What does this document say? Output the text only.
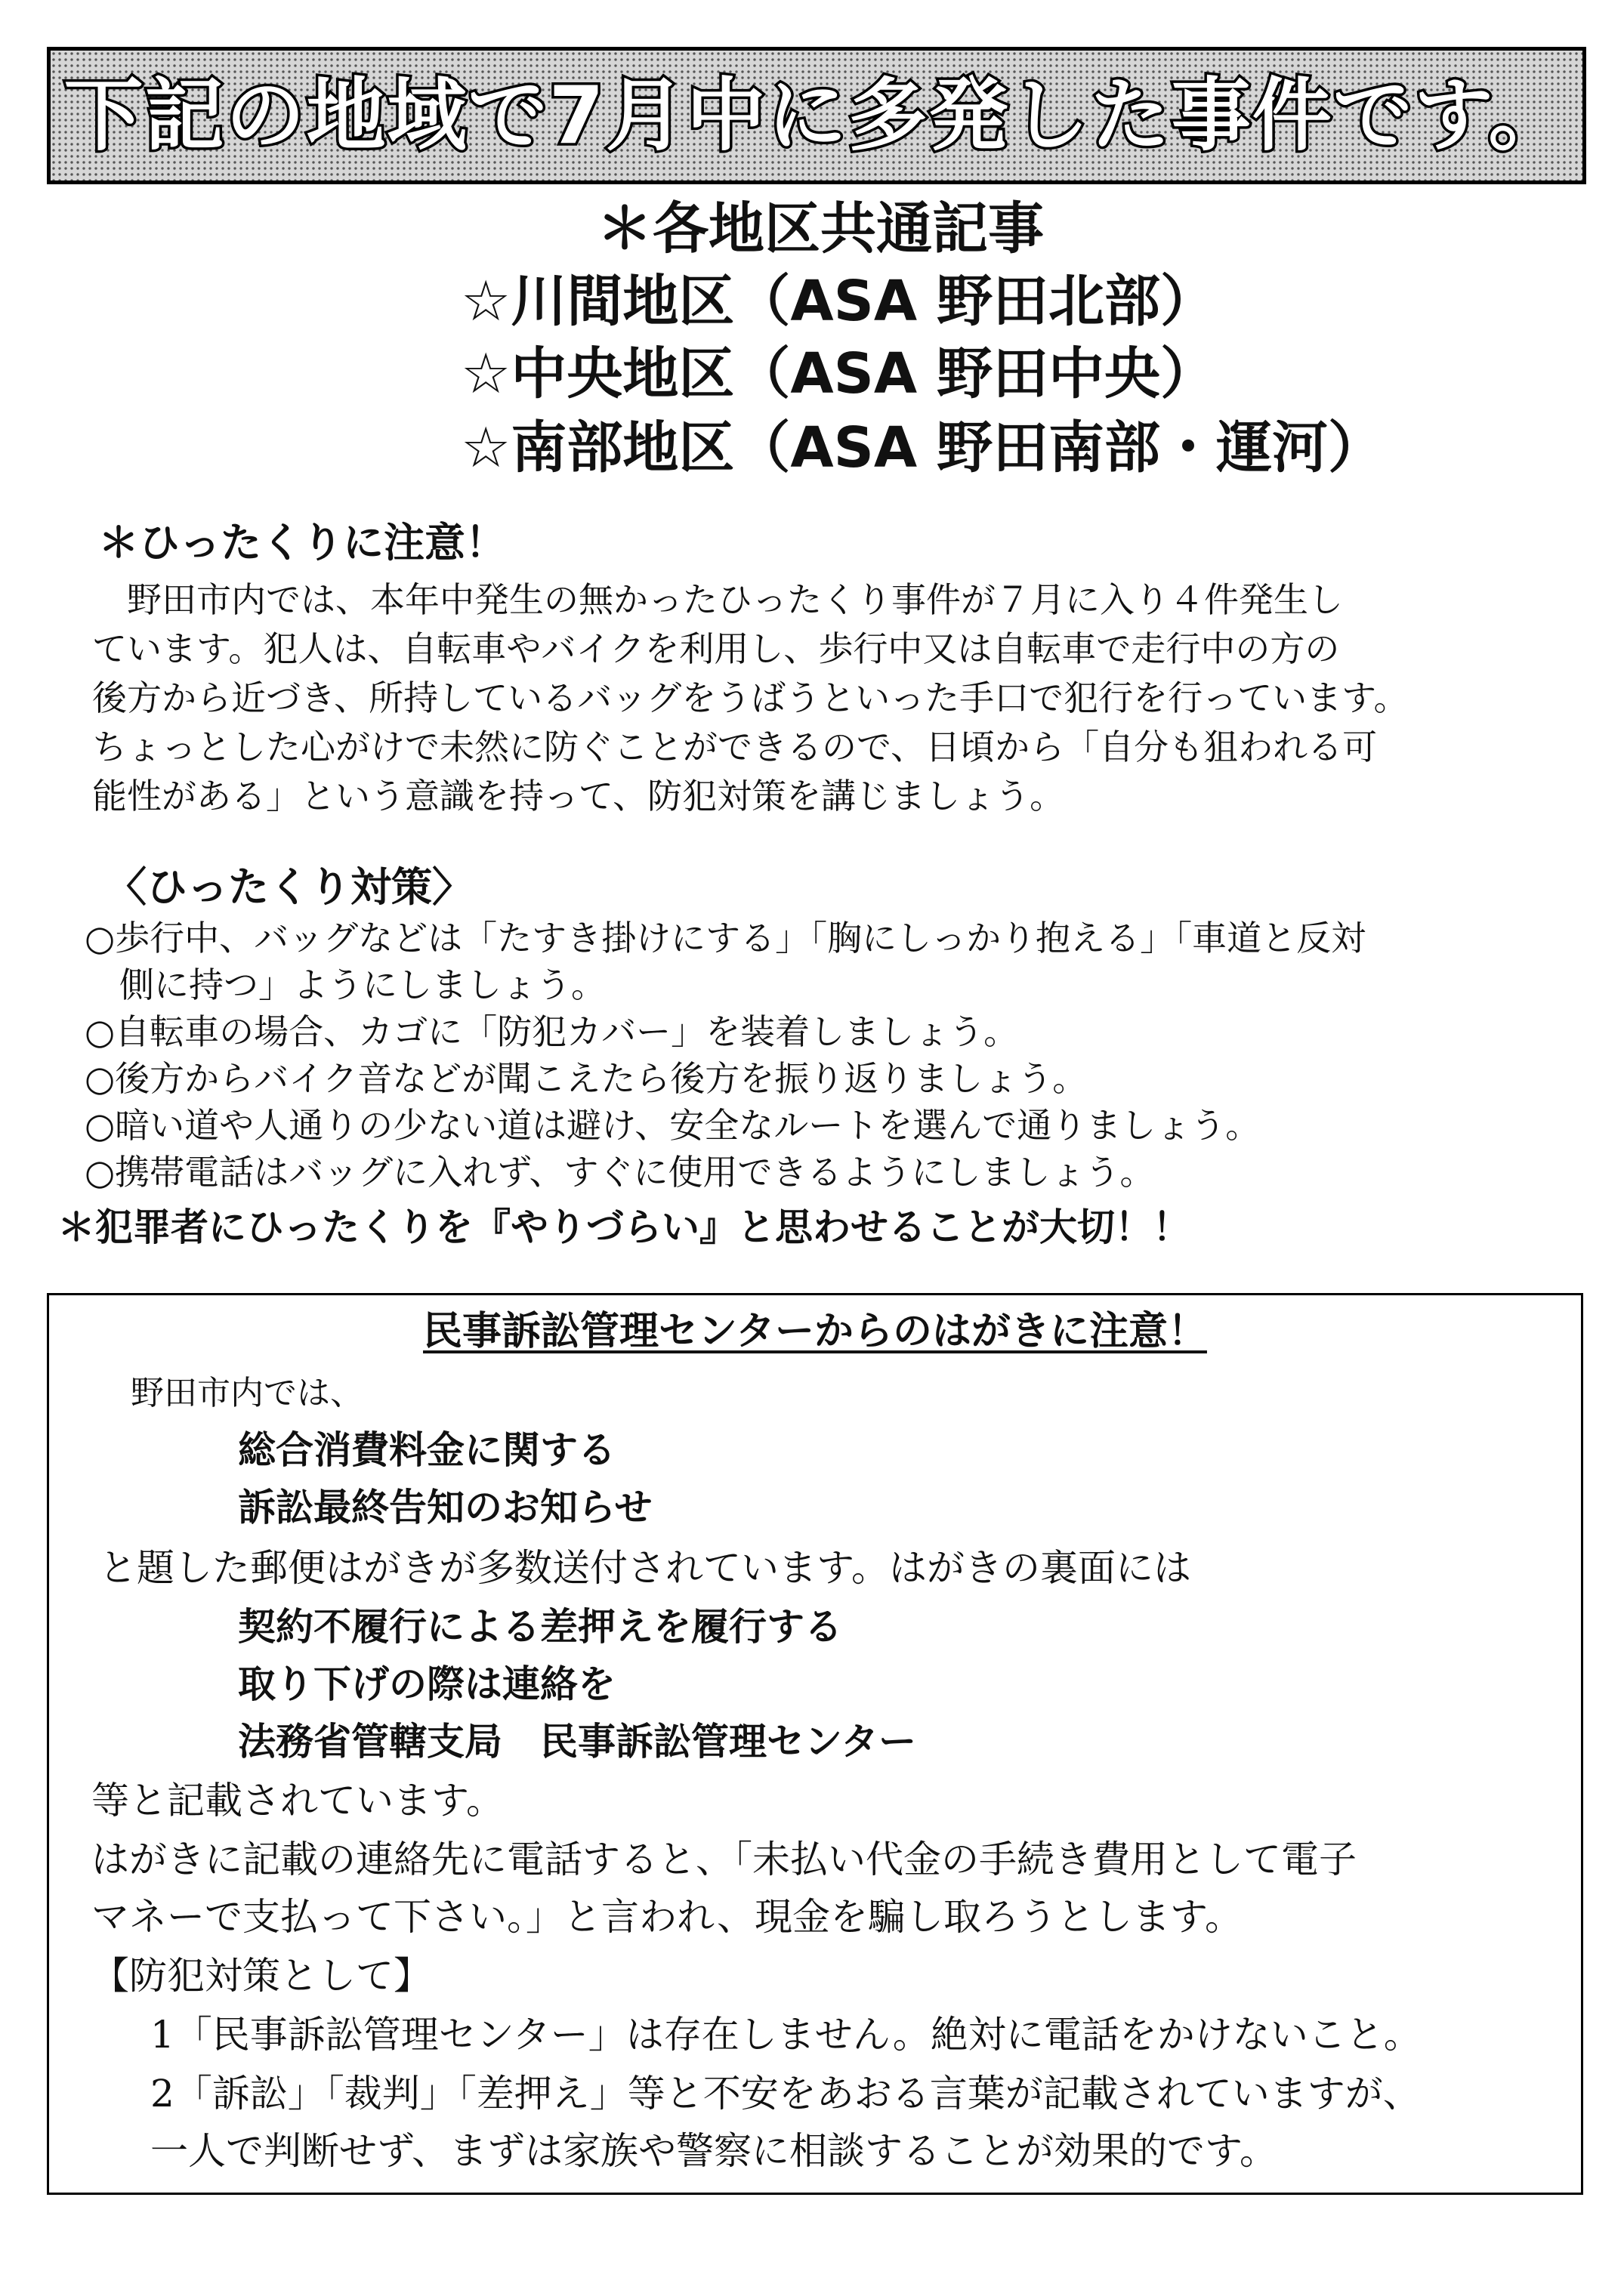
下記の地域で7月中に多発した事件です。
＊各地区共通記事
☆川間地区（ASA 野田北部）
☆中央地区（ASA 野田中央）
☆南部地区（ASA 野田南部・運河）
＊ひったくりに注意！
　野田市内では、本年中発生の無かったひったくり事件が７月に入り４件発生し
ています。犯人は、自転車やバイクを利用し、歩行中又は自転車で走行中の方の
後方から近づき、所持しているバッグをうばうといった手口で犯行を行っています。
ちょっとした心がけで未然に防ぐことができるので、日頃から「自分も狙われる可
能性がある」という意識を持って、防犯対策を講じましょう。
〈ひったくり対策〉
○歩行中、バッグなどは「たすき掛けにする」「胸にしっかり抱える」「車道と反対
　側に持つ」ようにしましょう。
○自転車の場合、カゴに「防犯カバー」を装着しましょう。
○後方からバイク音などが聞こえたら後方を振り返りましょう。
○暗い道や人通りの少ない道は避け、安全なルートを選んで通りましょう。
○携帯電話はバッグに入れず、すぐに使用できるようにしましょう。
＊犯罪者にひったくりを『やりづらい』と思わせることが大切！！
民事訴訟管理センターからのはがきに注意！
野田市内では、
総合消費料金に関する
訴訟最終告知のお知らせ
と題した郵便はがきが多数送付されています。はがきの裏面には
契約不履行による差押えを履行する
取り下げの際は連絡を
法務省管轄支局　民事訴訟管理センター
等と記載されています。
はがきに記載の連絡先に電話すると、「未払い代金の手続き費用として電子
マネーで支払って下さい。」と言われ、現金を騙し取ろうとします。
【防犯対策として】
1「民事訴訟管理センター」は存在しません。絶対に電話をかけないこと。
2「訴訟」「裁判」「差押え」等と不安をあおる言葉が記載されていますが、
一人で判断せず、まずは家族や警察に相談することが効果的です。
